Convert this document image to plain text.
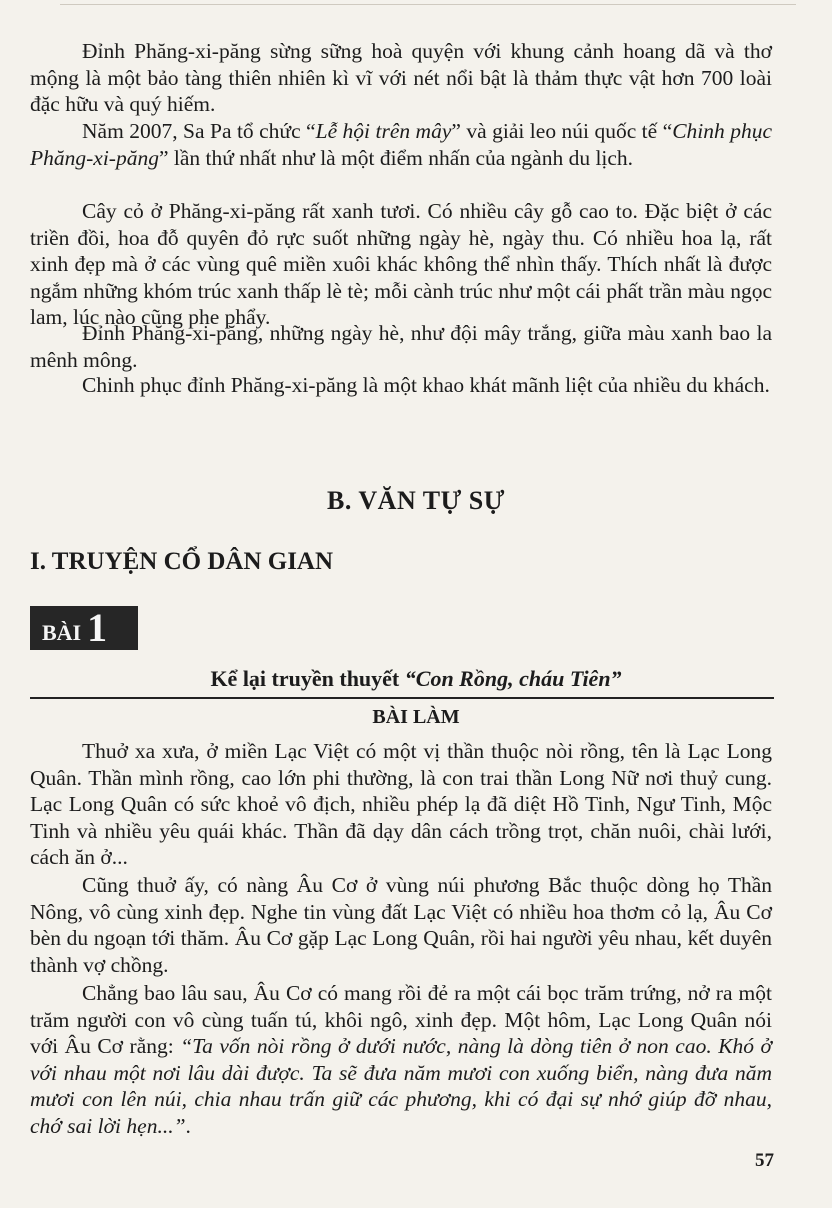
Đỉnh Phăng-xi-păng sừng sững hoà quyện với khung cảnh hoang dã và thơ mộng là một bảo tàng thiên nhiên kì vĩ với nét nổi bật là thảm thực vật hơn 700 loài đặc hữu và quý hiếm.

Năm 2007, Sa Pa tổ chức “Lễ hội trên mây” và giải leo núi quốc tế “Chinh phục Phăng-xi-păng” lần thứ nhất như là một điểm nhấn của ngành du lịch.

Cây cỏ ở Phăng-xi-păng rất xanh tươi. Có nhiều cây gỗ cao to. Đặc biệt ở các triền đồi, hoa đỗ quyên đỏ rực suốt những ngày hè, ngày thu. Có nhiều hoa lạ, rất xinh đẹp mà ở các vùng quê miền xuôi khác không thể nhìn thấy. Thích nhất là được ngắm những khóm trúc xanh thấp lè tè; mỗi cành trúc như một cái phất trần màu ngọc lam, lúc nào cũng phe phẩy.

Đỉnh Phăng-xi-păng, những ngày hè, như đội mây trắng, giữa màu xanh bao la mênh mông.

Chinh phục đỉnh Phăng-xi-păng là một khao khát mãnh liệt của nhiều du khách.

B. VĂN TỰ SỰ
I. TRUYỆN CỔ DÂN GIAN
BÀI 1
Kể lại truyền thuyết “Con Rồng, cháu Tiên”
BÀI LÀM

Thuở xa xưa, ở miền Lạc Việt có một vị thần thuộc nòi rồng, tên là Lạc Long Quân. Thần mình rồng, cao lớn phi thường, là con trai thần Long Nữ nơi thuỷ cung. Lạc Long Quân có sức khoẻ vô địch, nhiều phép lạ đã diệt Hồ Tinh, Ngư Tinh, Mộc Tinh và nhiều yêu quái khác. Thần đã dạy dân cách trồng trọt, chăn nuôi, chài lưới, cách ăn ở...

Cũng thuở ấy, có nàng Âu Cơ ở vùng núi phương Bắc thuộc dòng họ Thần Nông, vô cùng xinh đẹp. Nghe tin vùng đất Lạc Việt có nhiều hoa thơm cỏ lạ, Âu Cơ bèn du ngoạn tới thăm. Âu Cơ gặp Lạc Long Quân, rồi hai người yêu nhau, kết duyên thành vợ chồng.

Chẳng bao lâu sau, Âu Cơ có mang rồi đẻ ra một cái bọc trăm trứng, nở ra một trăm người con vô cùng tuấn tú, khôi ngô, xinh đẹp. Một hôm, Lạc Long Quân nói với Âu Cơ rằng: “Ta vốn nòi rồng ở dưới nước, nàng là dòng tiên ở non cao. Khó ở với nhau một nơi lâu dài được. Ta sẽ đưa năm mươi con xuống biển, nàng đưa năm mươi con lên núi, chia nhau trấn giữ các phương, khi có đại sự nhớ giúp đỡ nhau, chớ sai lời hẹn...”.

57
